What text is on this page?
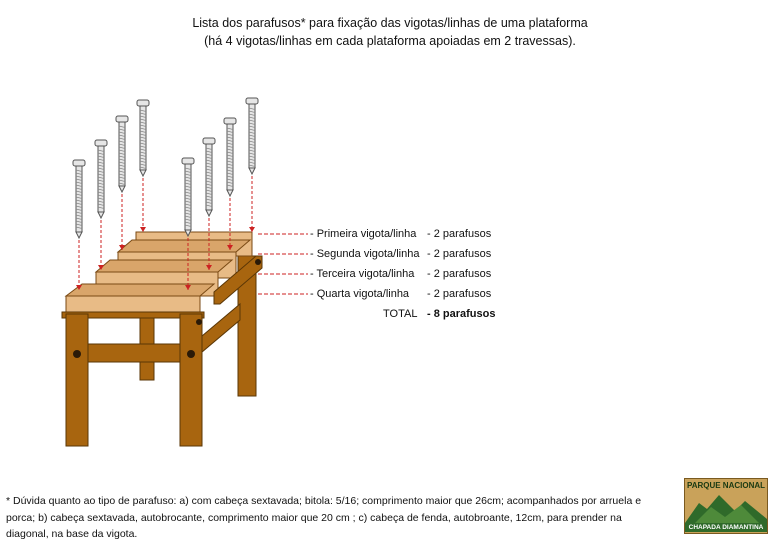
Lista dos parafusos* para fixação das vigotas/linhas de uma plataforma
(há 4 vigotas/linhas em cada plataforma apoiadas em 2 travessas).
- Primeira vigota/linha - 2 parafusos
- Segunda vigota/linha - 2 parafusos
- Terceira vigota/linha - 2 parafusos
- Quarta vigota/linha - 2 parafusos
TOTAL - 8 parafusos
* Dúvida quanto ao tipo de parafuso: a) com cabeça sextavada; bitola: 5/16; comprimento maior que 26cm; acompanhados por arruela e porca; b) cabeça sextavada, autobrocante, comprimento maior que 20 cm ; c) cabeça de fenda, autobroante, 12cm, para prender na diagonal, na base da vigota.
PARQUE NACIONAL
CHAPADA DIAMANTINA
